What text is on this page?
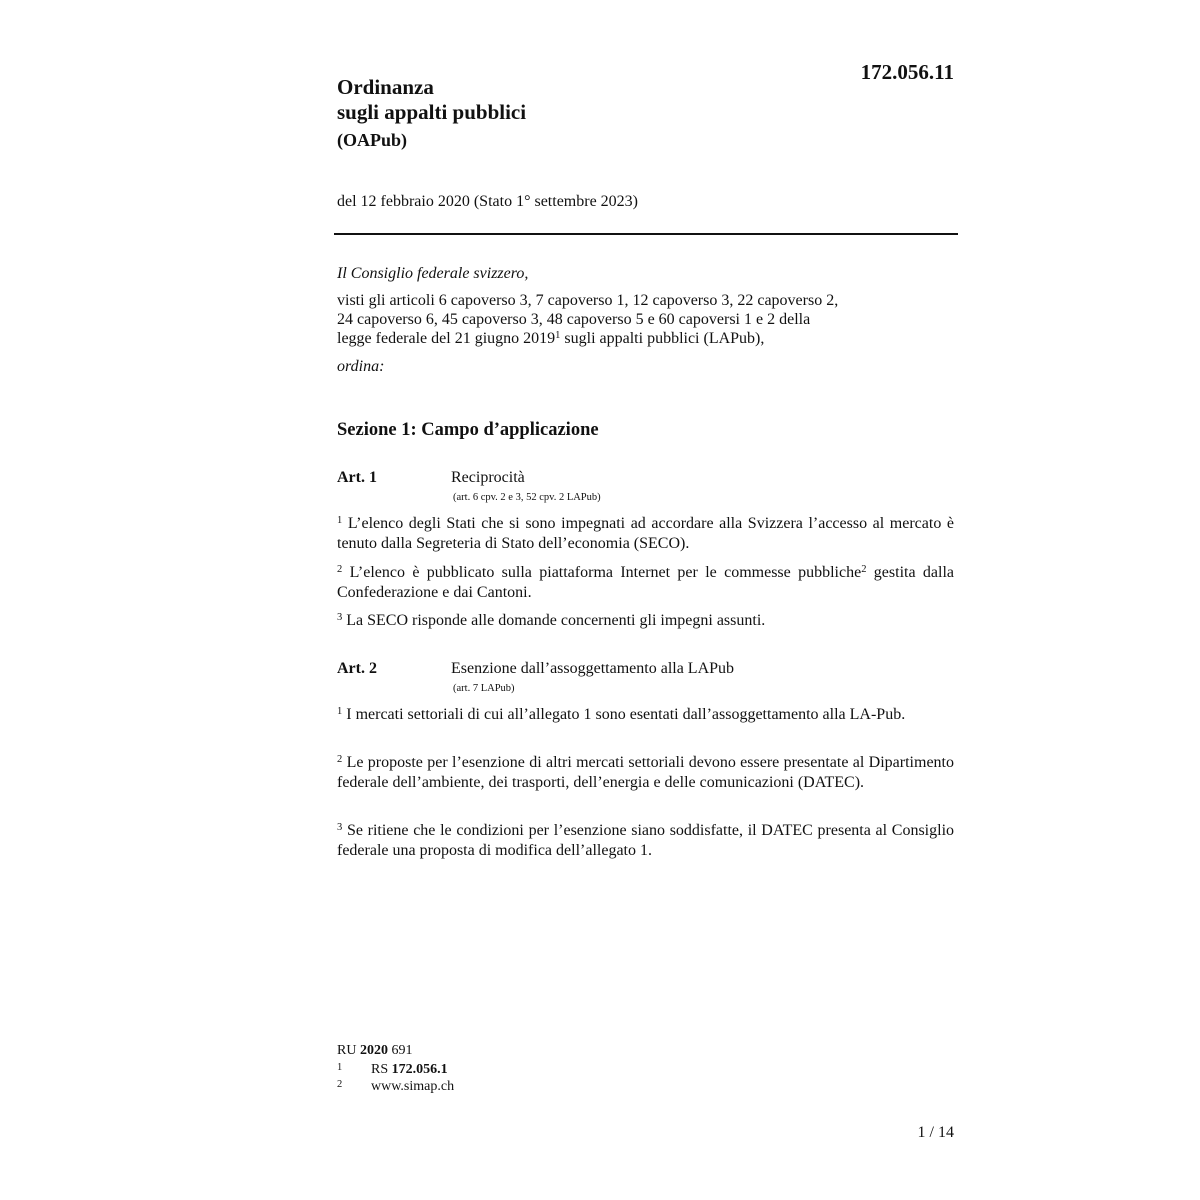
172.056.11
Ordinanza
sugli appalti pubblici
(OAPub)
del 12 febbraio 2020 (Stato 1° settembre 2023)
Il Consiglio federale svizzero,
visti gli articoli 6 capoverso 3, 7 capoverso 1, 12 capoverso 3, 22 capoverso 2,
24 capoverso 6, 45 capoverso 3, 48 capoverso 5 e 60 capoversi 1 e 2 della
legge federale del 21 giugno 2019$^1$ sugli appalti pubblici (LAPub),
ordina:
Sezione 1: Campo d’applicazione
Art. 1	Reciprocità
(art. 6 cpv. 2 e 3, 52 cpv. 2 LAPub)
$^1$ L’elenco degli Stati che si sono impegnati ad accordare alla Svizzera l’accesso al mercato è tenuto dalla Segreteria di Stato dell’economia (SECO).
$^2$ L’elenco è pubblicato sulla piattaforma Internet per le commesse pubbliche$^2$ gestita dalla Confederazione e dai Cantoni.
$^3$ La SECO risponde alle domande concernenti gli impegni assunti.
Art. 2	Esenzione dall’assoggettamento alla LAPub
(art. 7 LAPub)
$^1$ I mercati settoriali di cui all’allegato 1 sono esentati dall’assoggettamento alla LA-Pub.
$^2$ Le proposte per l’esenzione di altri mercati settoriali devono essere presentate al Dipartimento federale dell’ambiente, dei trasporti, dell’energia e delle comunicazioni (DATEC).
$^3$ Se ritiene che le condizioni per l’esenzione siano soddisfatte, il DATEC presenta al Consiglio federale una proposta di modifica dell’allegato 1.
RU 2020 691
1 RS 172.056.1
2 www.simap.ch
1 / 14
